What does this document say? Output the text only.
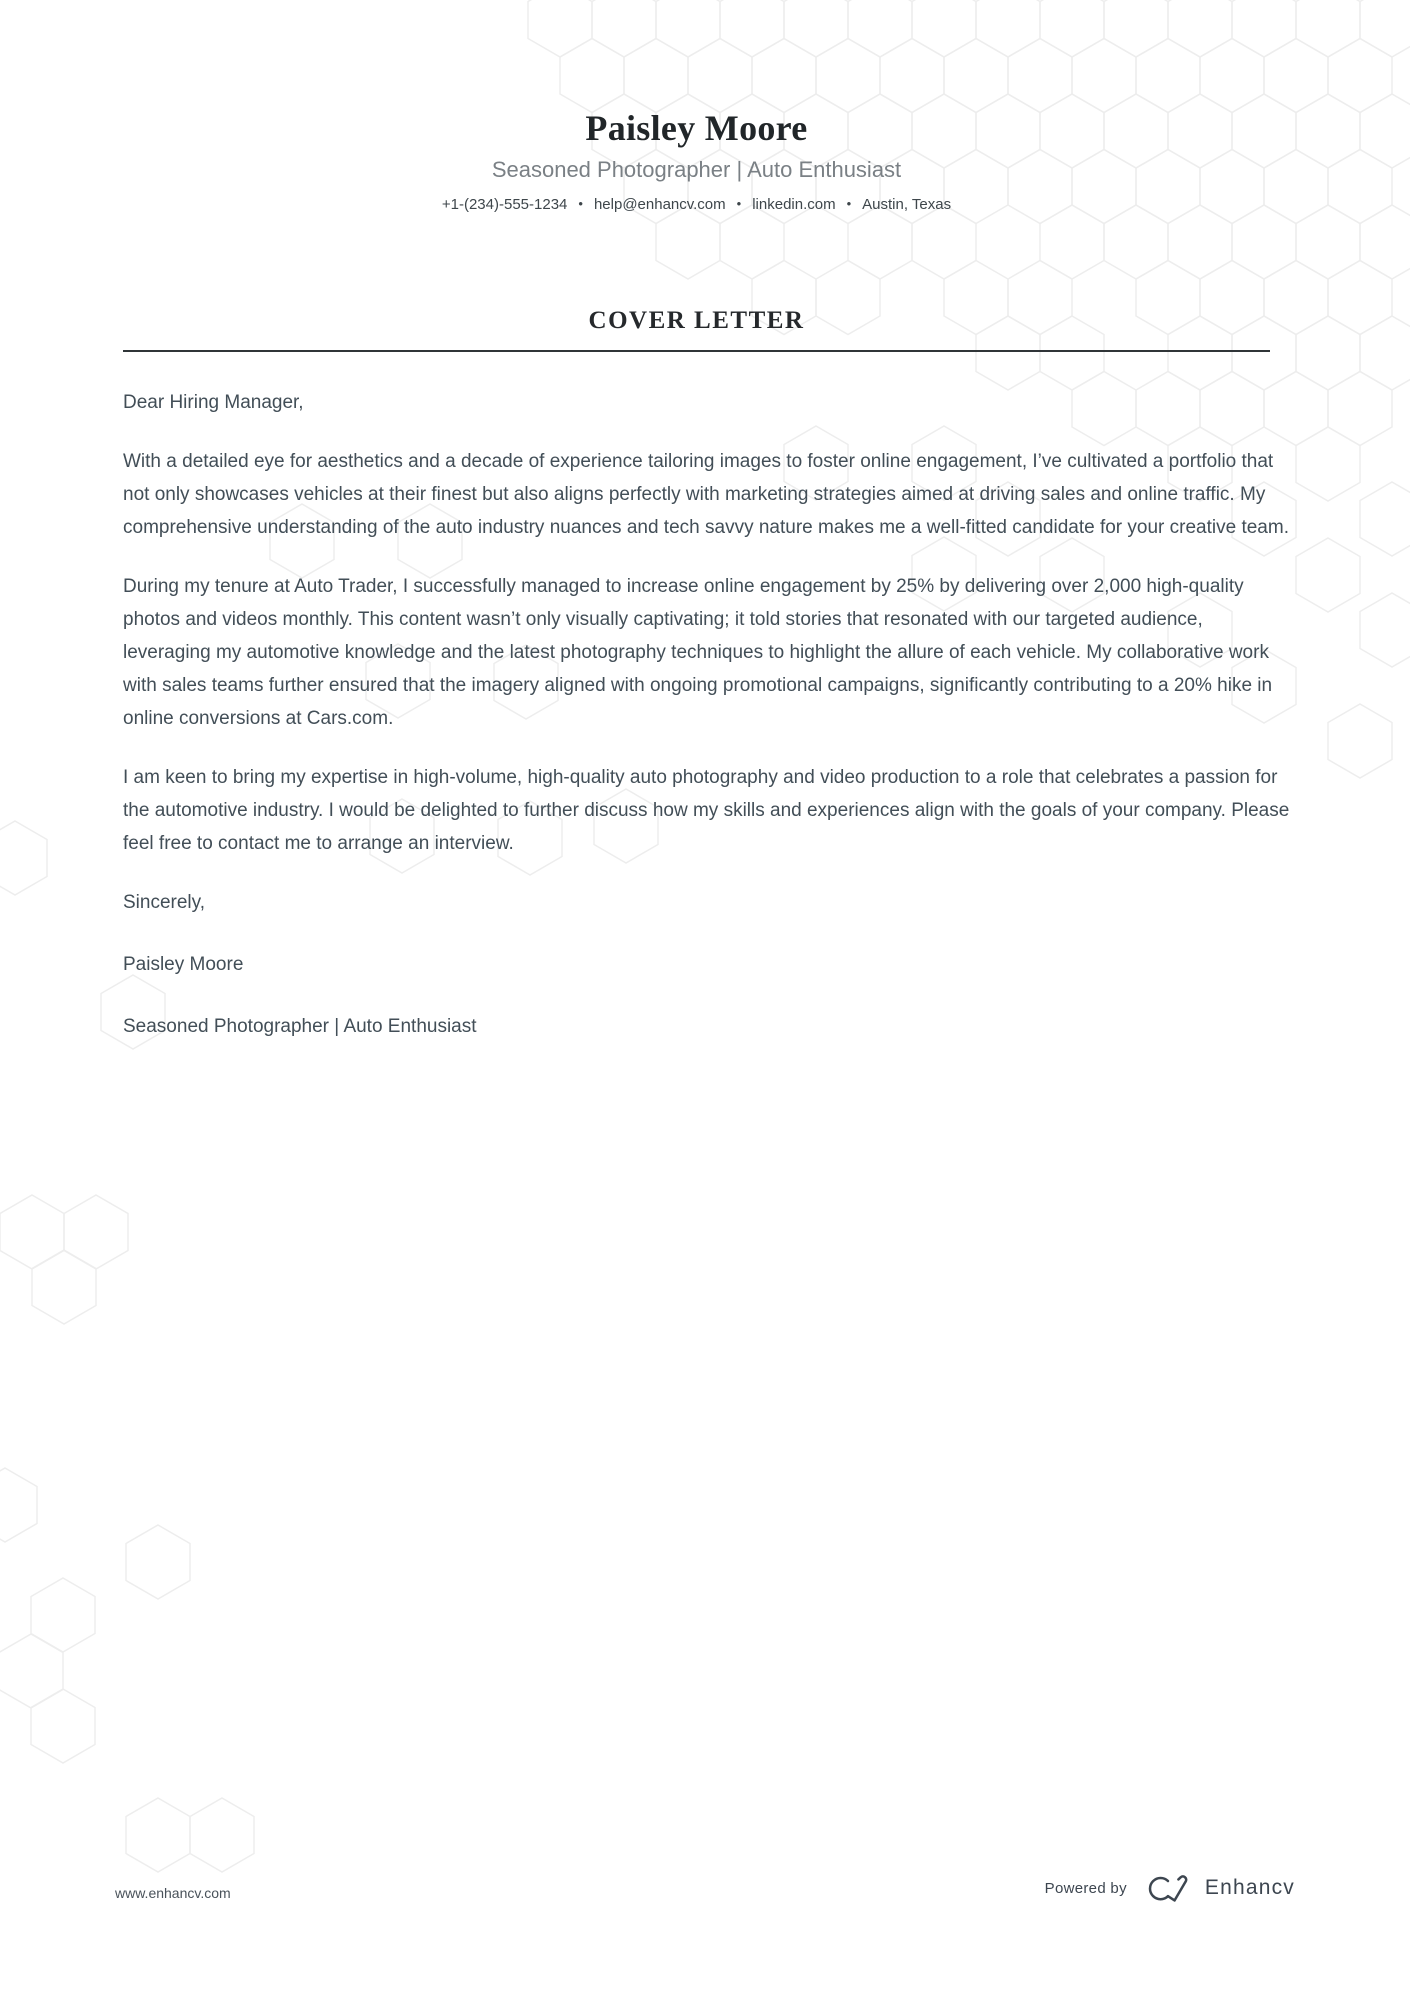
Paisley Moore
Seasoned Photographer | Auto Enthusiast
+1-(234)-555-1234 • help@enhancv.com • linkedin.com • Austin, Texas
COVER LETTER

Dear Hiring Manager,

With a detailed eye for aesthetics and a decade of experience tailoring images to foster online engagement, I’ve cultivated a portfolio that not only showcases vehicles at their finest but also aligns perfectly with marketing strategies aimed at driving sales and online traffic. My comprehensive understanding of the auto industry nuances and tech savvy nature makes me a well-fitted candidate for your creative team.

During my tenure at Auto Trader, I successfully managed to increase online engagement by 25% by delivering over 2,000 high-quality photos and videos monthly. This content wasn’t only visually captivating; it told stories that resonated with our targeted audience, leveraging my automotive knowledge and the latest photography techniques to highlight the allure of each vehicle. My collaborative work with sales teams further ensured that the imagery aligned with ongoing promotional campaigns, significantly contributing to a 20% hike in online conversions at Cars.com.

I am keen to bring my expertise in high-volume, high-quality auto photography and video production to a role that celebrates a passion for the automotive industry. I would be delighted to further discuss how my skills and experiences align with the goals of your company. Please feel free to contact me to arrange an interview.

Sincerely,

Paisley Moore

Seasoned Photographer | Auto Enthusiast

www.enhancv.com	Powered by	Enhancv
